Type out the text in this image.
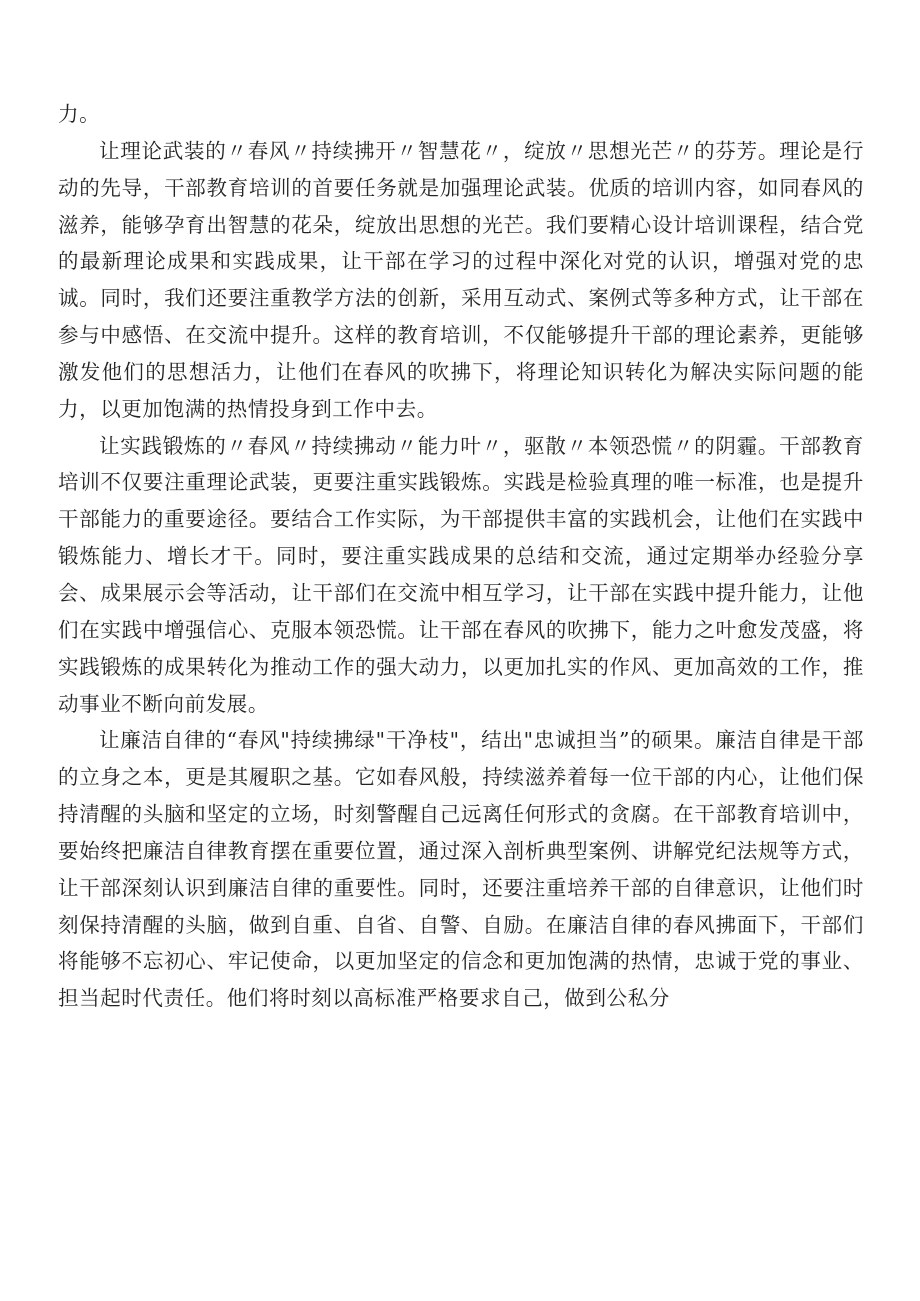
力。

让理论武装的〃春风〃持续拂开〃智慧花〃，绽放〃思想光芒〃的芬芳。理论是行动的先导，干部教育培训的首要任务就是加强理论武装。优质的培训内容，如同春风的滋养，能够孕育出智慧的花朵，绽放出思想的光芒。我们要精心设计培训课程，结合党的最新理论成果和实践成果，让干部在学习的过程中深化对党的认识，增强对党的忠诚。同时，我们还要注重教学方法的创新，采用互动式、案例式等多种方式，让干部在参与中感悟、在交流中提升。这样的教育培训，不仅能够提升干部的理论素养，更能够激发他们的思想活力，让他们在春风的吹拂下，将理论知识转化为解决实际问题的能力，以更加饱满的热情投身到工作中去。

让实践锻炼的〃春风〃持续拂动〃能力叶〃，驱散〃本领恐慌〃的阴霾。干部教育培训不仅要注重理论武装，更要注重实践锻炼。实践是检验真理的唯一标准，也是提升干部能力的重要途径。要结合工作实际，为干部提供丰富的实践机会，让他们在实践中锻炼能力、增长才干。同时，要注重实践成果的总结和交流，通过定期举办经验分享会、成果展示会等活动，让干部们在交流中相互学习，让干部在实践中提升能力，让他们在实践中增强信心、克服本领恐慌。让干部在春风的吹拂下，能力之叶愈发茂盛，将实践锻炼的成果转化为推动工作的强大动力，以更加扎实的作风、更加高效的工作，推动事业不断向前发展。

让廉洁自律的“春风"持续拂绿"干净枝"，结出"忠诚担当”的硕果。廉洁自律是干部的立身之本，更是其履职之基。它如春风般，持续滋养着每一位干部的内心，让他们保持清醒的头脑和坚定的立场，时刻警醒自己远离任何形式的贪腐。在干部教育培训中，要始终把廉洁自律教育摆在重要位置，通过深入剖析典型案例、讲解党纪法规等方式，让干部深刻认识到廉洁自律的重要性。同时，还要注重培养干部的自律意识，让他们时刻保持清醒的头脑，做到自重、自省、自警、自励。在廉洁自律的春风拂面下，干部们将能够不忘初心、牢记使命，以更加坚定的信念和更加饱满的热情，忠诚于党的事业、担当起时代责任。他们将时刻以高标准严格要求自己，做到公私分
